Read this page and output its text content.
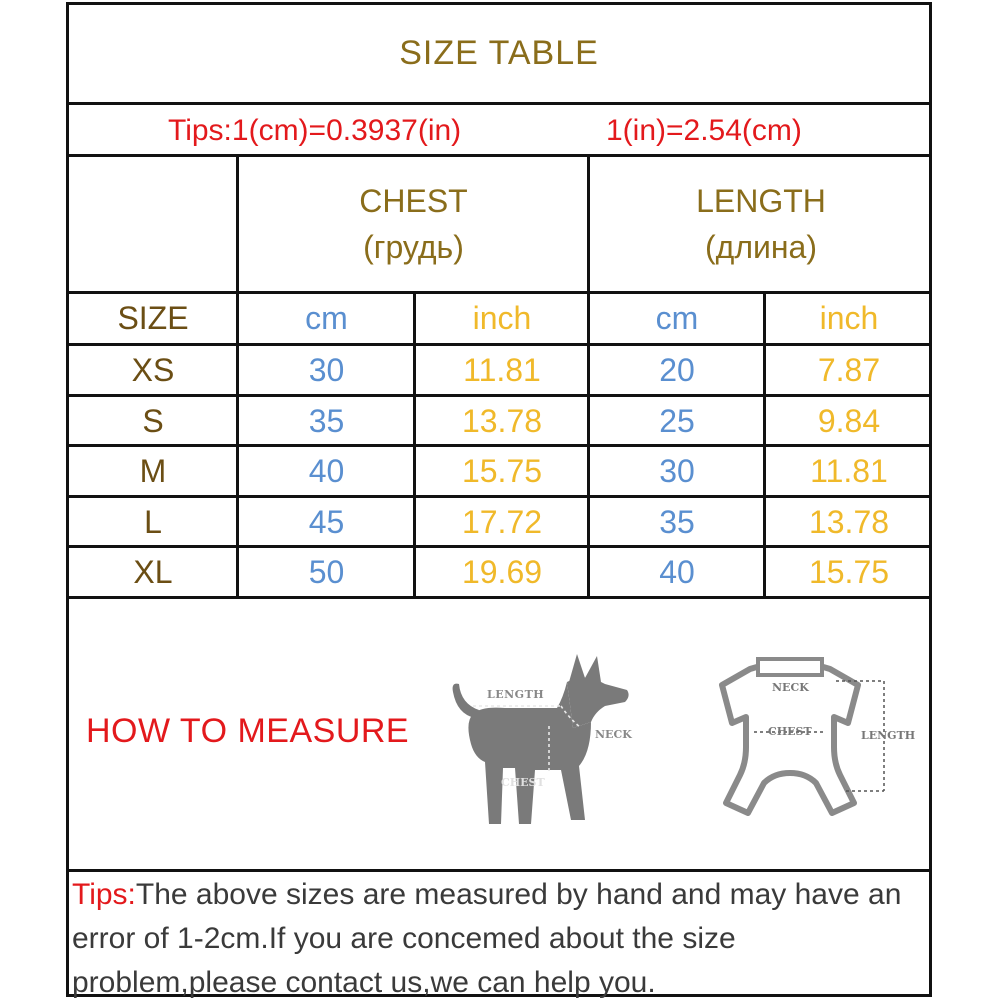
SIZE TABLE
Tips:1(cm)=0.3937(in)	1(in)=2.54(cm)
CHEST
(грудь)
LENGTH
(длина)
SIZE	cm	inch	cm	inch
XS	30	11.81	20	7.87
S	35	13.78	25	9.84
M	40	15.75	30	11.81
L	45	17.72	35	13.78
XL	50	19.69	40	15.75
HOW TO MEASURE
LENGTH
NECK
CHEST
NECK
CHEST	LENGTH
Tips:The above sizes are measured by hand and may have an error of 1-2cm.If you are concemed about the size problem,please contact us,we can help you.
